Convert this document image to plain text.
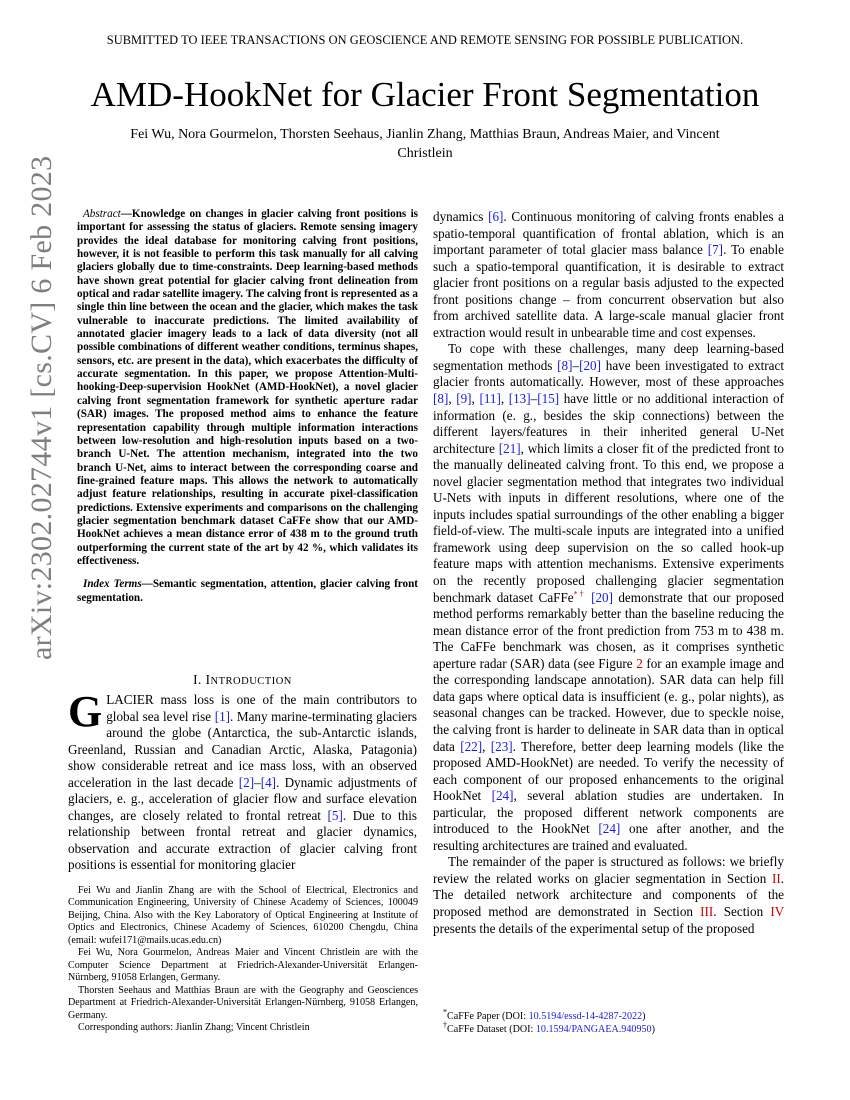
SUBMITTED TO IEEE TRANSACTIONS ON GEOSCIENCE AND REMOTE SENSING FOR POSSIBLE PUBLICATION.
AMD-HookNet for Glacier Front Segmentation
Fei Wu, Nora Gourmelon, Thorsten Seehaus, Jianlin Zhang, Matthias Braun, Andreas Maier, and Vincent
Christlein
arXiv:2302.02744v1 [cs.CV] 6 Feb 2023	Abstract—Knowledge on changes in glacier calving front positions is important for assessing the status of glaciers. Remote sensing imagery provides the ideal database for monitoring calving front positions, however, it is not feasible to perform this task manually for all calving glaciers globally due to time-constraints. Deep learning-based methods have shown great potential for glacier calving front delineation from optical and radar satellite imagery. The calving front is represented as a single thin line between the ocean and the glacier, which makes the task vulnerable to inaccurate predictions. The limited availability of annotated glacier imagery leads to a lack of data diversity (not all possible combinations of different weather conditions, terminus shapes, sensors, etc. are present in the data), which exacerbates the difficulty of accurate segmentation. In this paper, we propose Attention-Multi-hooking-Deep-supervision HookNet (AMD-HookNet), a novel glacier calving front segmentation framework for synthetic aperture radar (SAR) images. The proposed method aims to enhance the feature representation capability through multiple information interactions between low-resolution and high-resolution inputs based on a two-branch U-Net. The attention mechanism, integrated into the two branch U-Net, aims to interact between the corresponding coarse and fine-grained feature maps. This allows the network to automatically adjust feature relationships, resulting in accurate pixel-classification predictions. Extensive experiments and comparisons on the challenging glacier segmentation benchmark dataset CaFFe show that our AMD-HookNet achieves a mean distance error of 438 m to the ground truth outperforming the current state of the art by 42 %, which validates its effectiveness.

Index Terms—Semantic segmentation, attention, glacier calving front segmentation.

I. INTRODUCTION

GLACIER mass loss is one of the main contributors to global sea level rise [1]. Many marine-terminating glaciers around the globe (Antarctica, the sub-Antarctic islands, Greenland, Russian and Canadian Arctic, Alaska, Patagonia) show considerable retreat and ice mass loss, with an observed acceleration in the last decade [2]–[4]. Dynamic adjustments of glaciers, e. g., acceleration of glacier flow and surface elevation changes, are closely related to frontal retreat [5]. Due to this relationship between frontal retreat and glacier dynamics, observation and accurate extraction of glacier calving front positions is essential for monitoring glacier

Fei Wu and Jianlin Zhang are with the School of Electrical, Electronics and Communication Engineering, University of Chinese Academy of Sciences, 100049 Beijing, China. Also with the Key Laboratory of Optical Engineering at Institute of Optics and Electronics, Chinese Academy of Sciences, 610200 Chengdu, China (email: wufei171@mails.ucas.edu.cn)

Fei Wu, Nora Gourmelon, Andreas Maier and Vincent Christlein are with the Computer Science Department at Friedrich-Alexander-Universität Erlangen-Nürnberg, 91058 Erlangen, Germany.

Thorsten Seehaus and Matthias Braun are with the Geography and Geosciences Department at Friedrich-Alexander-Universität Erlangen-Nürnberg, 91058 Erlangen, Germany.

Corresponding authors: Jianlin Zhang; Vincent Christlein

dynamics [6]. Continuous monitoring of calving fronts enables a spatio-temporal quantification of frontal ablation, which is an important parameter of total glacier mass balance [7]. To enable such a spatio-temporal quantification, it is desirable to extract glacier front positions on a regular basis adjusted to the expected front positions change – from concurrent observation but also from archived satellite data. A large-scale manual glacier front extraction would result in unbearable time and cost expenses.

To cope with these challenges, many deep learning-based segmentation methods [8]–[20] have been investigated to extract glacier fronts automatically. However, most of these approaches [8], [9], [11], [13]–[15] have little or no additional interaction of information (e. g., besides the skip connections) between the different layers/features in their inherited general U-Net architecture [21], which limits a closer fit of the predicted front to the manually delineated calving front. To this end, we propose a novel glacier segmentation method that integrates two individual U-Nets with inputs in different resolutions, where one of the inputs includes spatial surroundings of the other enabling a bigger field-of-view. The multi-scale inputs are integrated into a unified framework using deep supervision on the so called hook-up feature maps with attention mechanisms. Extensive experiments on the recently proposed challenging glacier segmentation benchmark dataset CaFFe*† [20] demonstrate that our proposed method performs remarkably better than the baseline reducing the mean distance error of the front prediction from 753 m to 438 m. The CaFFe benchmark was chosen, as it comprises synthetic aperture radar (SAR) data (see Figure 2 for an example image and the corresponding landscape annotation). SAR data can help fill data gaps where optical data is insufficient (e. g., polar nights), as seasonal changes can be tracked. However, due to speckle noise, the calving front is harder to delineate in SAR data than in optical data [22], [23]. Therefore, better deep learning models (like the proposed AMD-HookNet) are needed. To verify the necessity of each component of our proposed enhancements to the original HookNet [24], several ablation studies are undertaken. In particular, the proposed different network components are introduced to the HookNet [24] one after another, and the resulting architectures are trained and evaluated.

The remainder of the paper is structured as follows: we briefly review the related works on glacier segmentation in Section II. The detailed network architecture and components of the proposed method are demonstrated in Section III. Section IV presents the details of the experimental setup of the proposed

*CaFFe Paper (DOI: 10.5194/essd-14-4287-2022)

†CaFFe Dataset (DOI: 10.1594/PANGAEA.940950)
